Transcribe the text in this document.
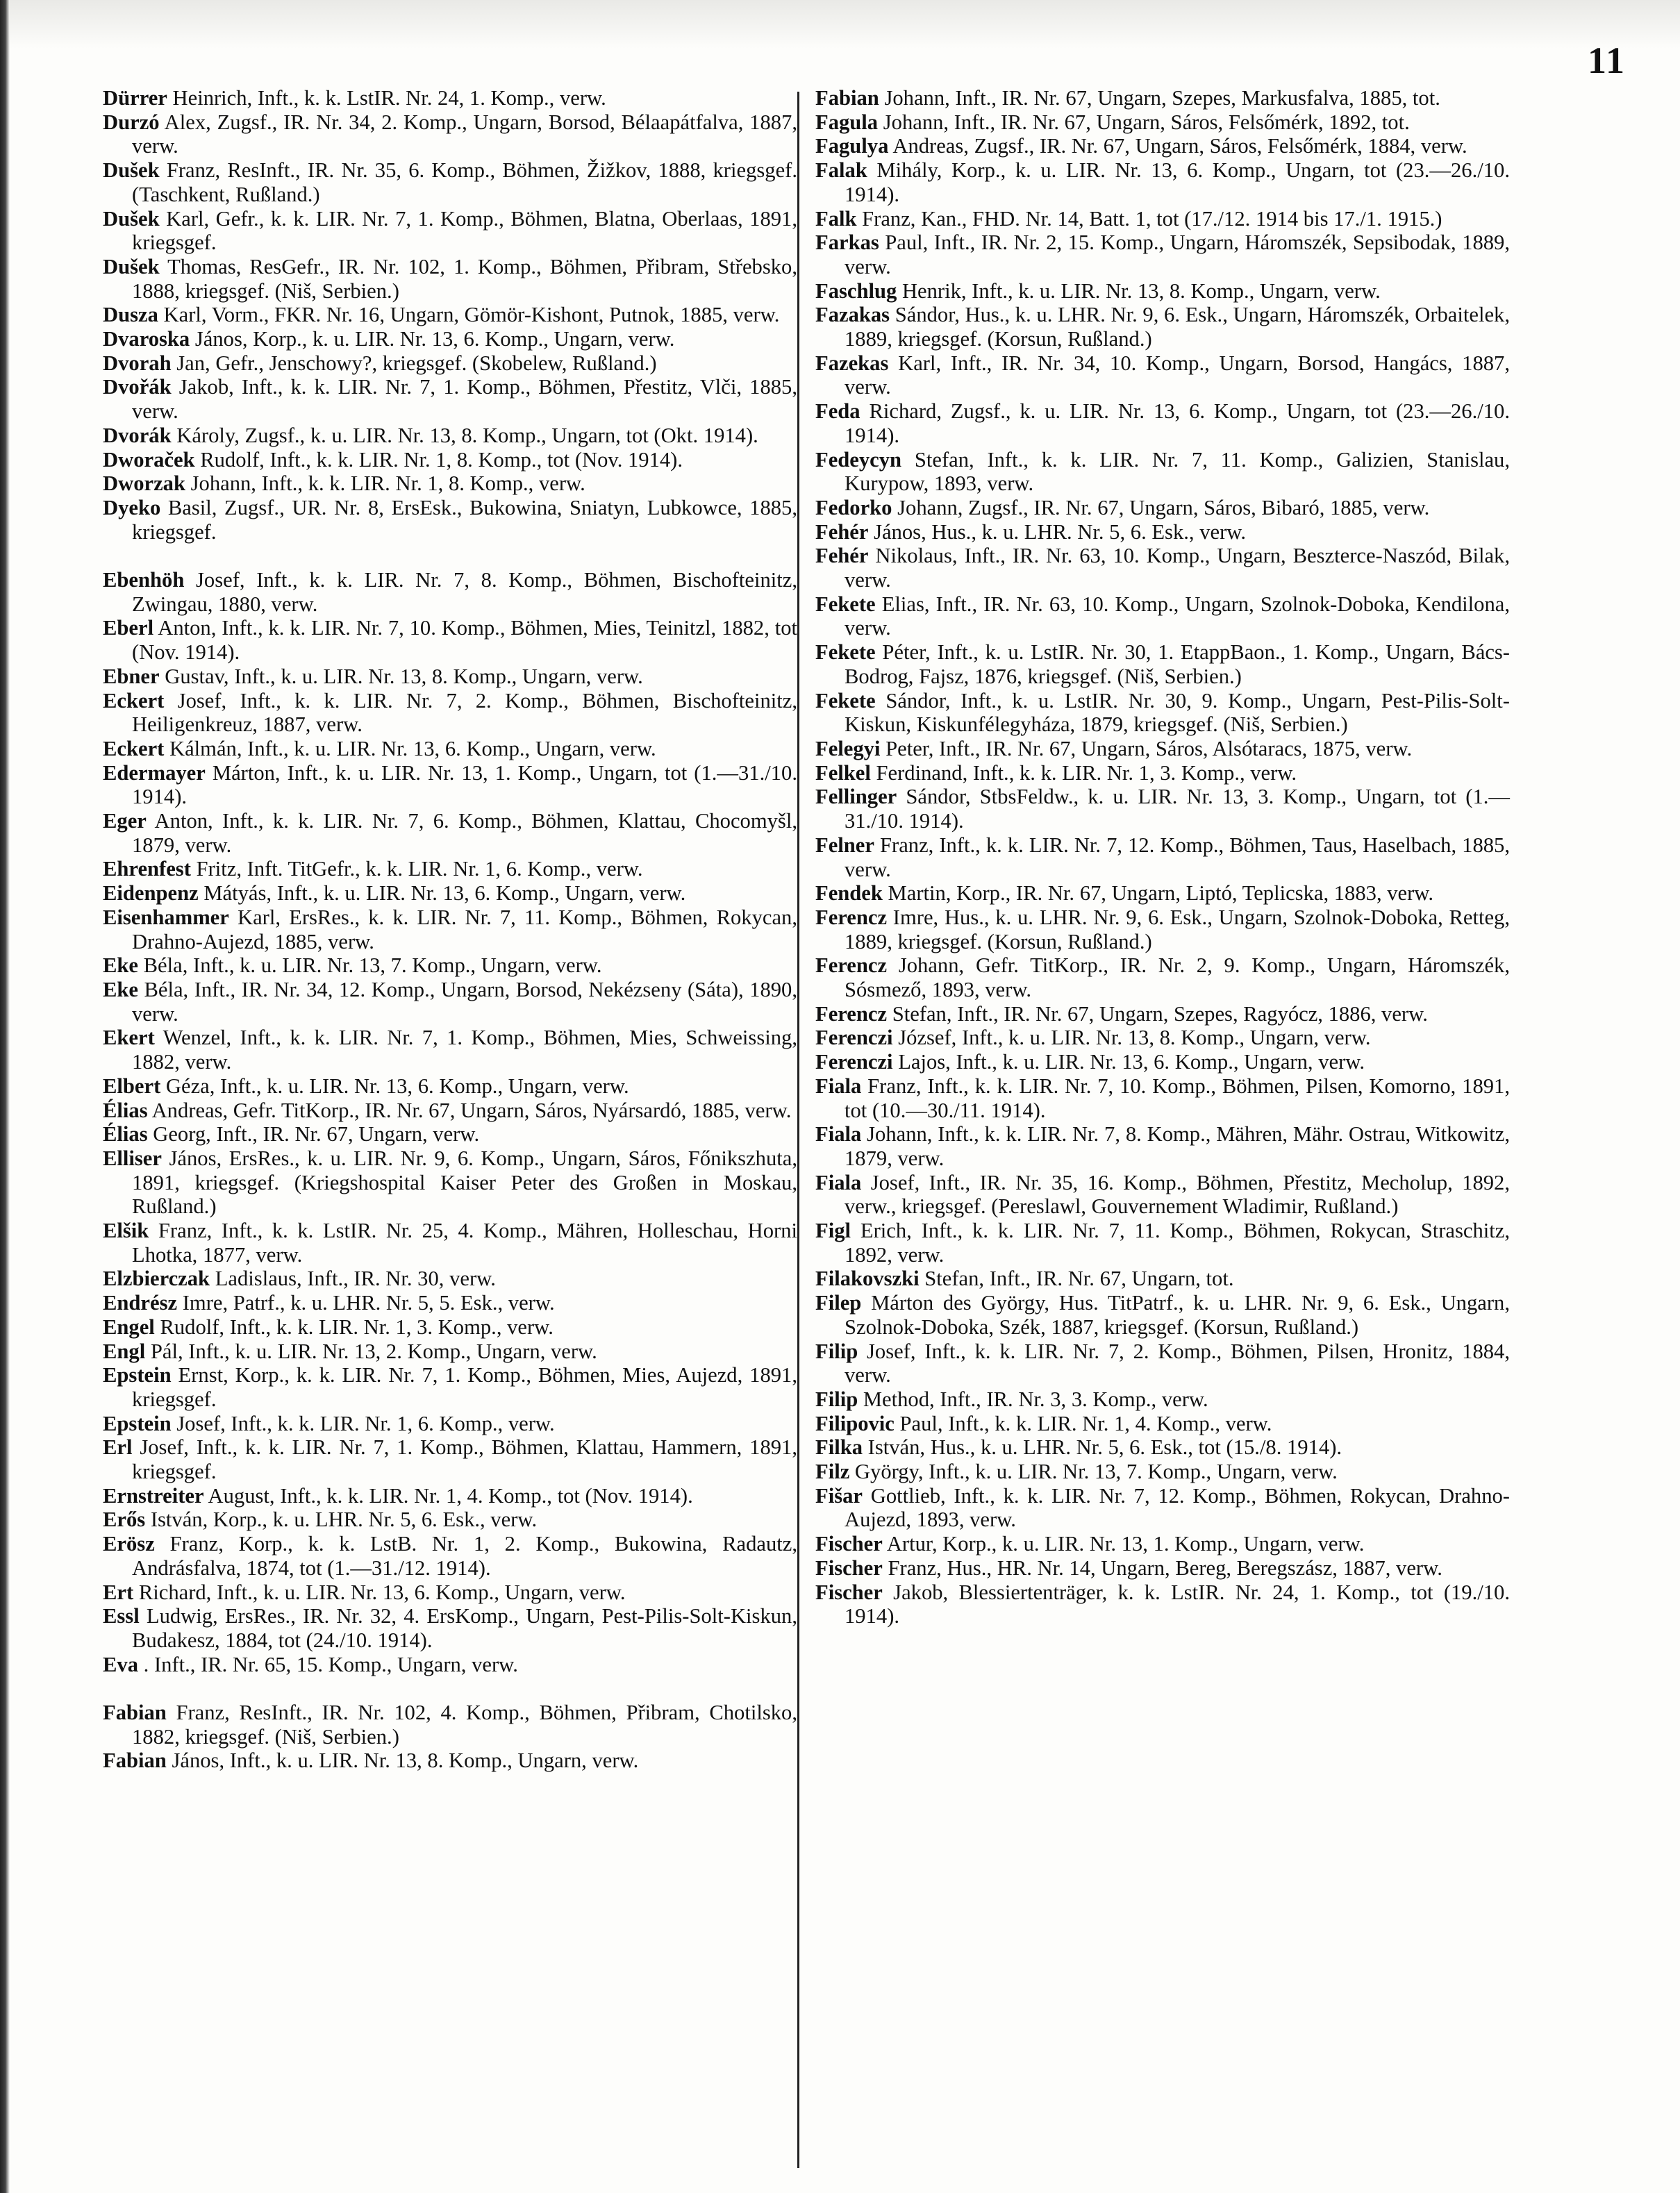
11

Dürrer Heinrich, Inft., k. k. LstIR. Nr. 24, 1. Komp., verw.

Durzó Alex, Zugsf., IR. Nr. 34, 2. Komp., Ungarn, Borsod, Bélaapátfalva, 1887, verw.

Dušek Franz, ResInft., IR. Nr. 35, 6. Komp., Böhmen, Žižkov, 1888, kriegsgef. (Taschkent, Rußland.)

Dušek Karl, Gefr., k. k. LIR. Nr. 7, 1. Komp., Böhmen, Blatna, Oberlaas, 1891, kriegsgef.

Dušek Thomas, ResGefr., IR. Nr. 102, 1. Komp., Böhmen, Přibram, Střebsko, 1888, kriegsgef. (Niš, Serbien.)

Dusza Karl, Vorm., FKR. Nr. 16, Ungarn, Gömör-Kishont, Putnok, 1885, verw.

Dvaroska János, Korp., k. u. LIR. Nr. 13, 6. Komp., Ungarn, verw.

Dvorah Jan, Gefr., Jenschowy?, kriegsgef. (Skobelew, Rußland.)

Dvořák Jakob, Inft., k. k. LIR. Nr. 7, 1. Komp., Böhmen, Přestitz, Vlči, 1885, verw.

Dvorák Károly, Zugsf., k. u. LIR. Nr. 13, 8. Komp., Ungarn, tot (Okt. 1914).

Dworaček Rudolf, Inft., k. k. LIR. Nr. 1, 8. Komp., tot (Nov. 1914).

Dworzak Johann, Inft., k. k. LIR. Nr. 1, 8. Komp., verw.

Dyeko Basil, Zugsf., UR. Nr. 8, ErsEsk., Bukowina, Sniatyn, Lubkowce, 1885, kriegsgef.

Ebenhöh Josef, Inft., k. k. LIR. Nr. 7, 8. Komp., Böhmen, Bischofteinitz, Zwingau, 1880, verw.

Eberl Anton, Inft., k. k. LIR. Nr. 7, 10. Komp., Böhmen, Mies, Teinitzl, 1882, tot (Nov. 1914).

Ebner Gustav, Inft., k. u. LIR. Nr. 13, 8. Komp., Ungarn, verw.

Eckert Josef, Inft., k. k. LIR. Nr. 7, 2. Komp., Böhmen, Bischofteinitz, Heiligenkreuz, 1887, verw.

Eckert Kálmán, Inft., k. u. LIR. Nr. 13, 6. Komp., Ungarn, verw.

Edermayer Márton, Inft., k. u. LIR. Nr. 13, 1. Komp., Ungarn, tot (1.—31./10. 1914).

Eger Anton, Inft., k. k. LIR. Nr. 7, 6. Komp., Böhmen, Klattau, Chocomyšl, 1879, verw.

Ehrenfest Fritz, Inft. TitGefr., k. k. LIR. Nr. 1, 6. Komp., verw.

Eidenpenz Mátyás, Inft., k. u. LIR. Nr. 13, 6. Komp., Ungarn, verw.

Eisenhammer Karl, ErsRes., k. k. LIR. Nr. 7, 11. Komp., Böhmen, Rokycan, Drahno-Aujezd, 1885, verw.

Eke Béla, Inft., k. u. LIR. Nr. 13, 7. Komp., Ungarn, verw.

Eke Béla, Inft., IR. Nr. 34, 12. Komp., Ungarn, Borsod, Nekézseny (Sáta), 1890, verw.

Ekert Wenzel, Inft., k. k. LIR. Nr. 7, 1. Komp., Böhmen, Mies, Schweissing, 1882, verw.

Elbert Géza, Inft., k. u. LIR. Nr. 13, 6. Komp., Ungarn, verw.

Élias Andreas, Gefr. TitKorp., IR. Nr. 67, Ungarn, Sáros, Nyársardó, 1885, verw.

Élias Georg, Inft., IR. Nr. 67, Ungarn, verw.

Elliser János, ErsRes., k. u. LIR. Nr. 9, 6. Komp., Ungarn, Sáros, Főnikszhuta, 1891, kriegsgef. (Kriegshospital Kaiser Peter des Großen in Moskau, Rußland.)

Elšik Franz, Inft., k. k. LstIR. Nr. 25, 4. Komp., Mähren, Holleschau, Horni Lhotka, 1877, verw.

Elzbierczak Ladislaus, Inft., IR. Nr. 30, verw.

Endrész Imre, Patrf., k. u. LHR. Nr. 5, 5. Esk., verw.

Engel Rudolf, Inft., k. k. LIR. Nr. 1, 3. Komp., verw.

Engl Pál, Inft., k. u. LIR. Nr. 13, 2. Komp., Ungarn, verw.

Epstein Ernst, Korp., k. k. LIR. Nr. 7, 1. Komp., Böhmen, Mies, Aujezd, 1891, kriegsgef.

Epstein Josef, Inft., k. k. LIR. Nr. 1, 6. Komp., verw.

Erl Josef, Inft., k. k. LIR. Nr. 7, 1. Komp., Böhmen, Klattau, Hammern, 1891, kriegsgef.

Ernstreiter August, Inft., k. k. LIR. Nr. 1, 4. Komp., tot (Nov. 1914).

Erős István, Korp., k. u. LHR. Nr. 5, 6. Esk., verw.

Erösz Franz, Korp., k. k. LstB. Nr. 1, 2. Komp., Bukowina, Radautz, Andrásfalva, 1874, tot (1.—31./12. 1914).

Ert Richard, Inft., k. u. LIR. Nr. 13, 6. Komp., Ungarn, verw.

Essl Ludwig, ErsRes., IR. Nr. 32, 4. ErsKomp., Ungarn, Pest-Pilis-Solt-Kiskun, Budakesz, 1884, tot (24./10. 1914).

Eva . Inft., IR. Nr. 65, 15. Komp., Ungarn, verw.

Fabian Franz, ResInft., IR. Nr. 102, 4. Komp., Böhmen, Přibram, Chotilsko, 1882, kriegsgef. (Niš, Serbien.)

Fabian János, Inft., k. u. LIR. Nr. 13, 8. Komp., Ungarn, verw.

Fabian Johann, Inft., IR. Nr. 67, Ungarn, Szepes, Markusfalva, 1885, tot.

Fagula Johann, Inft., IR. Nr. 67, Ungarn, Sáros, Felsőmérk, 1892, tot.

Fagulya Andreas, Zugsf., IR. Nr. 67, Ungarn, Sáros, Felsőmérk, 1884, verw.

Falak Mihály, Korp., k. u. LIR. Nr. 13, 6. Komp., Ungarn, tot (23.—26./10. 1914).

Falk Franz, Kan., FHD. Nr. 14, Batt. 1, tot (17./12. 1914 bis 17./1. 1915.)

Farkas Paul, Inft., IR. Nr. 2, 15. Komp., Ungarn, Háromszék, Sepsibodak, 1889, verw.

Faschlug Henrik, Inft., k. u. LIR. Nr. 13, 8. Komp., Ungarn, verw.

Fazakas Sándor, Hus., k. u. LHR. Nr. 9, 6. Esk., Ungarn, Háromszék, Orbaitelek, 1889, kriegsgef. (Korsun, Rußland.)

Fazekas Karl, Inft., IR. Nr. 34, 10. Komp., Ungarn, Borsod, Hangács, 1887, verw.

Feda Richard, Zugsf., k. u. LIR. Nr. 13, 6. Komp., Ungarn, tot (23.—26./10. 1914).

Fedeycyn Stefan, Inft., k. k. LIR. Nr. 7, 11. Komp., Galizien, Stanislau, Kurypow, 1893, verw.

Fedorko Johann, Zugsf., IR. Nr. 67, Ungarn, Sáros, Bibaró, 1885, verw.

Fehér János, Hus., k. u. LHR. Nr. 5, 6. Esk., verw.

Fehér Nikolaus, Inft., IR. Nr. 63, 10. Komp., Ungarn, Beszterce-Naszód, Bilak, verw.

Fekete Elias, Inft., IR. Nr. 63, 10. Komp., Ungarn, Szolnok-Doboka, Kendilona, verw.

Fekete Péter, Inft., k. u. LstIR. Nr. 30, 1. EtappBaon., 1. Komp., Ungarn, Bács-Bodrog, Fajsz, 1876, kriegsgef. (Niš, Serbien.)

Fekete Sándor, Inft., k. u. LstIR. Nr. 30, 9. Komp., Ungarn, Pest-Pilis-Solt-Kiskun, Kiskunfélegyháza, 1879, kriegsgef. (Niš, Serbien.)

Felegyi Peter, Inft., IR. Nr. 67, Ungarn, Sáros, Alsótaracs, 1875, verw.

Felkel Ferdinand, Inft., k. k. LIR. Nr. 1, 3. Komp., verw.

Fellinger Sándor, StbsFeldw., k. u. LIR. Nr. 13, 3. Komp., Ungarn, tot (1.—31./10. 1914).

Felner Franz, Inft., k. k. LIR. Nr. 7, 12. Komp., Böhmen, Taus, Haselbach, 1885, verw.

Fendek Martin, Korp., IR. Nr. 67, Ungarn, Liptó, Teplicska, 1883, verw.

Ferencz Imre, Hus., k. u. LHR. Nr. 9, 6. Esk., Ungarn, Szolnok-Doboka, Retteg, 1889, kriegsgef. (Korsun, Rußland.)

Ferencz Johann, Gefr. TitKorp., IR. Nr. 2, 9. Komp., Ungarn, Háromszék, Sósmező, 1893, verw.

Ferencz Stefan, Inft., IR. Nr. 67, Ungarn, Szepes, Ragyócz, 1886, verw.

Ferenczi József, Inft., k. u. LIR. Nr. 13, 8. Komp., Ungarn, verw.

Ferenczi Lajos, Inft., k. u. LIR. Nr. 13, 6. Komp., Ungarn, verw.

Fiala Franz, Inft., k. k. LIR. Nr. 7, 10. Komp., Böhmen, Pilsen, Komorno, 1891, tot (10.—30./11. 1914).

Fiala Johann, Inft., k. k. LIR. Nr. 7, 8. Komp., Mähren, Mähr. Ostrau, Witkowitz, 1879, verw.

Fiala Josef, Inft., IR. Nr. 35, 16. Komp., Böhmen, Přestitz, Mecholup, 1892, verw., kriegsgef. (Pereslawl, Gouvernement Wladimir, Rußland.)

Figl Erich, Inft., k. k. LIR. Nr. 7, 11. Komp., Böhmen, Rokycan, Straschitz, 1892, verw.

Filakovszki Stefan, Inft., IR. Nr. 67, Ungarn, tot.

Filep Márton des György, Hus. TitPatrf., k. u. LHR. Nr. 9, 6. Esk., Ungarn, Szolnok-Doboka, Szék, 1887, kriegsgef. (Korsun, Rußland.)

Filip Josef, Inft., k. k. LIR. Nr. 7, 2. Komp., Böhmen, Pilsen, Hronitz, 1884, verw.

Filip Method, Inft., IR. Nr. 3, 3. Komp., verw.

Filipovic Paul, Inft., k. k. LIR. Nr. 1, 4. Komp., verw.

Filka István, Hus., k. u. LHR. Nr. 5, 6. Esk., tot (15./8. 1914).

Filz György, Inft., k. u. LIR. Nr. 13, 7. Komp., Ungarn, verw.

Fišar Gottlieb, Inft., k. k. LIR. Nr. 7, 12. Komp., Böhmen, Rokycan, Drahno-Aujezd, 1893, verw.

Fischer Artur, Korp., k. u. LIR. Nr. 13, 1. Komp., Ungarn, verw.

Fischer Franz, Hus., HR. Nr. 14, Ungarn, Bereg, Beregszász, 1887, verw.

Fischer Jakob, Blessiertenträger, k. k. LstIR. Nr. 24, 1. Komp., tot (19./10. 1914).
